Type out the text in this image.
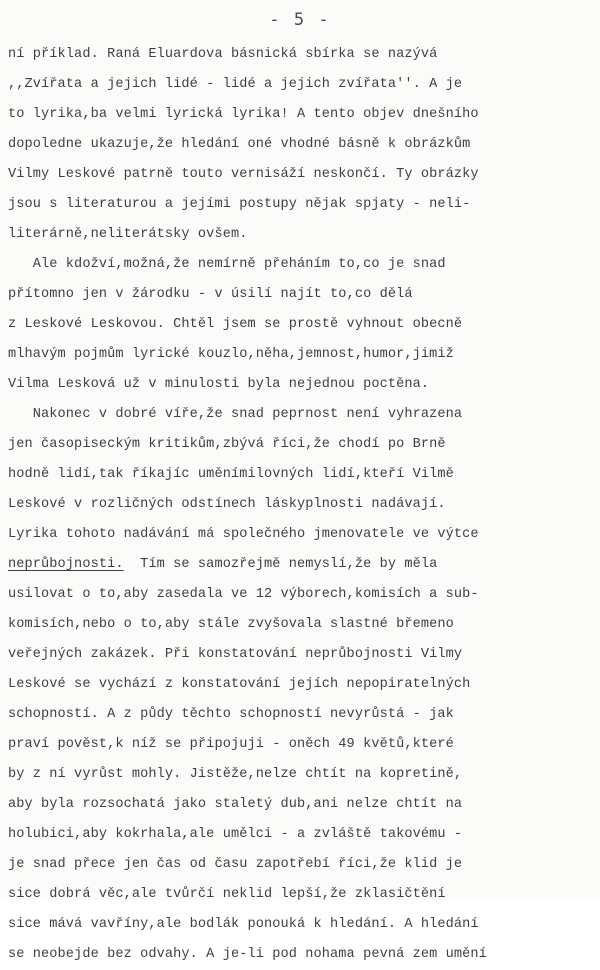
- 5 -
ní příklad. Raná Eluardova básnická sbírka se nazývá
,,Zvířata a jejich lidé - lidé a jejich zvířata''. A je
to lyrika,ba velmi lyrická lyrika! A tento objev dnešního
dopoledne ukazuje,že hledání oné vhodné básně k obrázkům
Vilmy Leskové patrně touto vernisáží neskončí. Ty obrázky
jsou s literaturou a jejími postupy nějak spjaty - neli-
literárně,neliterátsky ovšem.
Ale kdožví,možná,že nemírně přeháním to,co je snad
přítomno jen v žárodku - v úsilí najít to,co dělá
z Leskové Leskovou. Chtěl jsem se prostě vyhnout obecně
mlhavým pojmům lyrické kouzlo,něha,jemnost,humor,jimiž
Vilma Lesková už v minulosti byla nejednou poctěna.
Nakonec v dobré víře,že snad peprnost není vyhrazena
jen časopiseckým kritikům,zbývá říci,že chodí po Brně
hodně lidí,tak říkajíc uměnímilovných lidí,kteří Vilmě
Leskové v rozličných odstínech láskyplnosti nadávají.
Lyrika tohoto nadávání má společného jmenovatele ve výtce
neprůbojnosti.  Tím se samozřejmě nemyslí,že by měla
usilovat o to,aby zasedala ve 12 výborech,komisích a sub-
komisích,nebo o to,aby stále zvyšovala slastné břemeno
veřejných zakázek. Při konstatování neprůbojnosti Vilmy
Leskové se vychází z konstatování jejích nepopiratelných
schopností. A z půdy těchto schopností nevyrůstá - jak
praví pověst,k níž se připojuji - oněch 49 květů,které
by z ní vyrůst mohly. Jistěže,nelze chtít na kopretině,
aby byla rozsochatá jako staletý dub,ani nelze chtít na
holubici,aby kokrhala,ale umělci - a zvláště takovému -
je snad přece jen čas od času zapotřebí říci,že klid je
sice dobrá věc,ale tvůrčí neklid lepší,že zklasičtění
sice mává vavříny,ale bodlák ponouká k hledání. A hledání
se neobejde bez odvahy. A je-li pod nohama pevná zem umění
